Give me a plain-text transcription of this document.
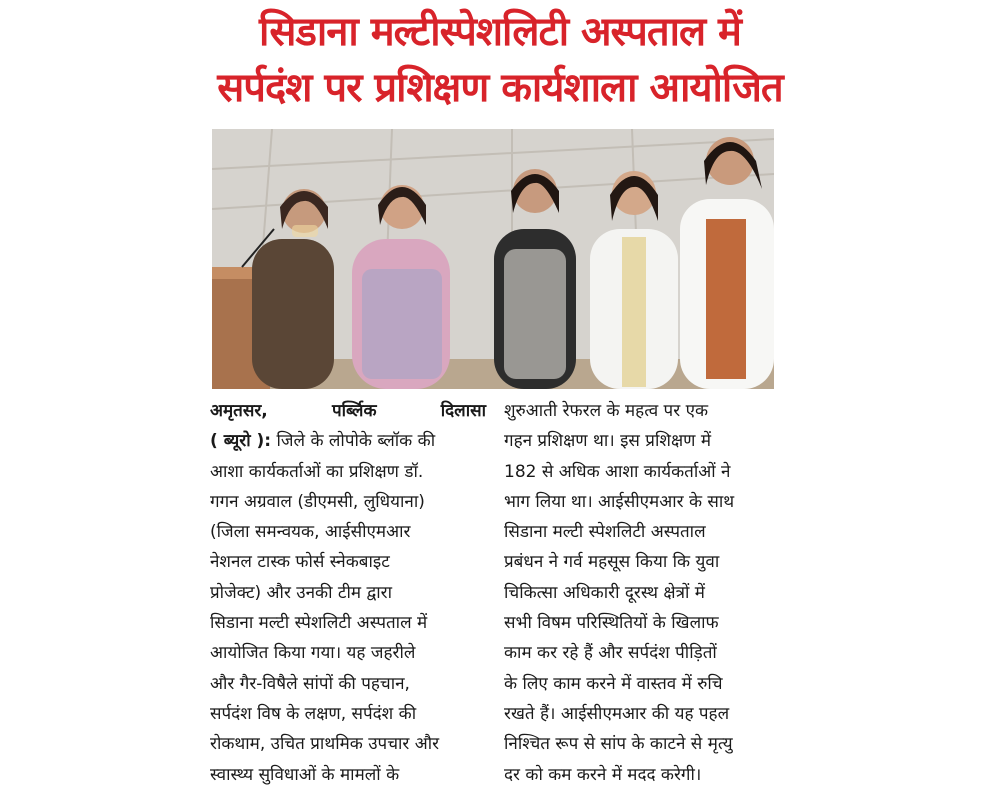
सिडाना मल्टीस्पेशलिटी अस्पताल में
सर्पदंश पर प्रशिक्षण कार्यशाला आयोजित
अमृतसर,	पर्ब्लिक	दिलासा
( ब्यूरो ): जिले के लोपोके ब्लॉक की
आशा कार्यकर्ताओं का प्रशिक्षण डॉ.
गगन अग्रवाल (डीएमसी, लुधियाना)
(जिला समन्वयक, आईसीएमआर
नेशनल टास्क फोर्स स्नेकबाइट
प्रोजेक्ट) और उनकी टीम द्वारा
सिडाना मल्टी स्पेशलिटी अस्पताल में
आयोजित किया गया। यह जहरीले
और गैर-विषैले सांपों की पहचान,
सर्पदंश विष के लक्षण, सर्पदंश की
रोकथाम, उचित प्राथमिक उपचार और
स्वास्थ्य सुविधाओं के मामलों के
शुरुआती रेफरल के महत्व पर एक
गहन प्रशिक्षण था। इस प्रशिक्षण में
182 से अधिक आशा कार्यकर्ताओं ने
भाग लिया था। आईसीएमआर के साथ
सिडाना मल्टी स्पेशलिटी अस्पताल
प्रबंधन ने गर्व महसूस किया कि युवा
चिकित्सा अधिकारी दूरस्थ क्षेत्रों में
सभी विषम परिस्थितियों के खिलाफ
काम कर रहे हैं और सर्पदंश पीड़ितों
के लिए काम करने में वास्तव में रुचि
रखते हैं। आईसीएमआर की यह पहल
निश्चित रूप से सांप के काटने से मृत्यु
दर को कम करने में मदद करेगी।
